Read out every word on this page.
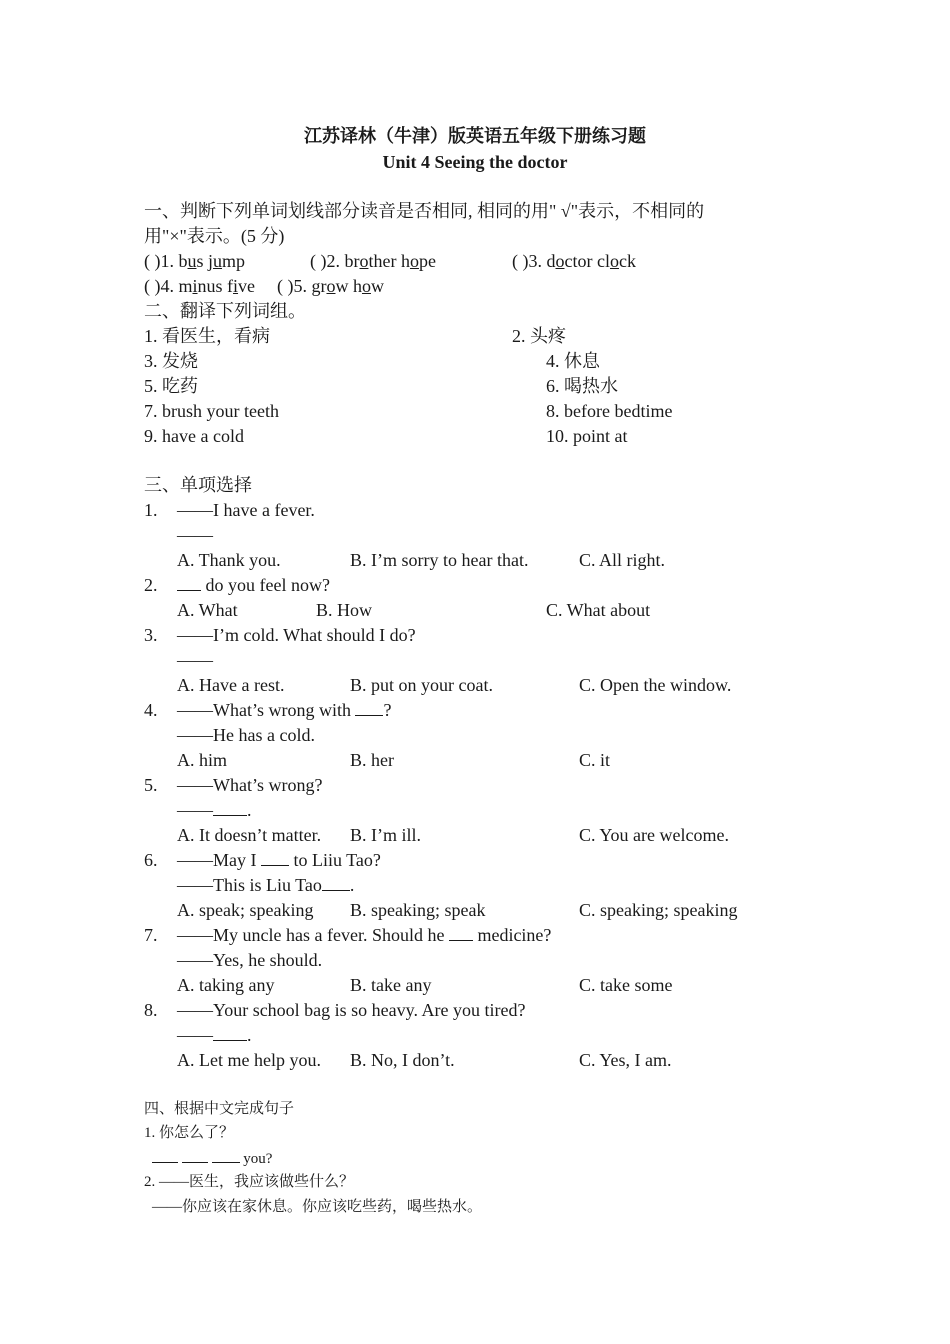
江苏译林（牛津）版英语五年级下册练习题
Unit 4 Seeing the doctor
一、判断下列单词划线部分读音是否相同, 相同的用" √"表示，不相同的
用"×"表示。(5 分)
( )1. bus jump	( )2. brother hope	( )3. doctor clock
( )4. minus five ( )5. grow how
二、翻译下列词组。
1. 看医生，看病	2. 头疼
3. 发烧	4. 休息
5. 吃药	6. 喝热水
7. brush your teeth	8. before bedtime
9. have a cold	10. point at
三、单项选择
1. ——I have a fever.
——
A. Thank you.	B. I’m sorry to hear that.	C. All right.
2.	do you feel now?
A. What	B. How	C. What about
3. ——I’m cold. What should I do?
——
A. Have a rest.	B. put on your coat.	C. Open the window.
4. ——What’s wrong with ?
——He has a cold.
A. him	B. her	C. it
5. ——What’s wrong?
—— .
A. It doesn’t matter. B. I’m ill.	C. You are welcome.
6. ——May I  to Liiu Tao?
——This is Liu Tao .
A. speak; speaking B. speaking; speak	C. speaking; speaking
7. ——My uncle has a fever. Should he  medicine?
——Yes, he should.
A. taking any	B. take any	C. take some
8. ——Your school bag is so heavy. Are you tired?
—— .
A. Let me help you. B. No, I don’t.	C. Yes, I am.
四、根据中文完成句子
1. 你怎么了？
you?
2. ——医生，我应该做些什么？
——你应该在家休息。你应该吃些药，喝些热水。
